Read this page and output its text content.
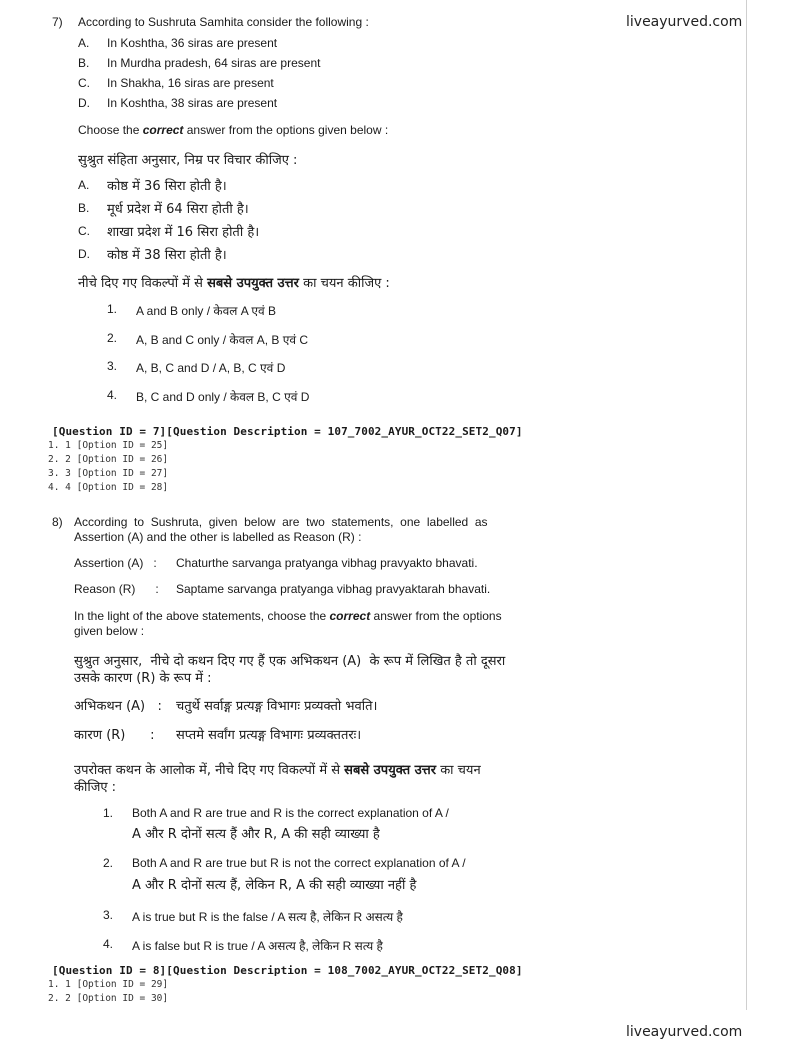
liveayurved.com
7) According to Sushruta Samhita consider the following :
A. In Koshtha, 36 siras are present
B. In Murdha pradesh, 64 siras are present
C. In Shakha, 16 siras are present
D. In Koshtha, 38 siras are present
Choose the correct answer from the options given below :
सुश्रुत संहिता अनुसार, निम्र पर विचार कीजिए :
A. कोष्ठ में 36 सिरा होती है।
B. मूर्ध प्रदेश में 64 सिरा होती है।
C. शाखा प्रदेश में 16 सिरा होती है।
D. कोष्ठ में 38 सिरा होती है।
नीचे दिए गए विकल्पों में से सबसे उपयुक्त उत्तर का चयन कीजिए :
1. A and B only / केवल A एवं B
2. A, B and C only / केवल A, B एवं C
3. A, B, C and D / A, B, C एवं D
4. B, C and D only / केवल B, C एवं D
[Question ID = 7][Question Description = 107_7002_AYUR_OCT22_SET2_Q07]
1. 1 [Option ID = 25]
2. 2 [Option ID = 26]
3. 3 [Option ID = 27]
4. 4 [Option ID = 28]
8) According  to  Sushruta,  given  below  are  two  statements,  one  labelled  as
Assertion (A) and the other is labelled as Reason (R) :
Assertion (A)   : Chaturthe sarvanga pratyanga vibhag pravyakto bhavati.
Reason (R)      : Saptame sarvanga pratyanga vibhag pravyaktarah bhavati.
In the light of the above statements, choose the correct answer from the options
given below :
सुश्रुत अनुसार,  नीचे दो कथन दिए गए हैं एक अभिकथन (A)  के रूप में लिखित है तो दूसरा
उसके कारण (R) के रूप में :
अभिकथन (A)   : चतुर्थे सर्वाङ्ग प्रत्यङ्ग विभागः प्रव्यक्तो भवति।
कारण (R)      : सप्तमे सर्वांग प्रत्यङ्ग विभागः प्रव्यक्ततरः।
उपरोक्त कथन के आलोक में, नीचे दिए गए विकल्पों में से सबसे उपयुक्त उत्तर का चयन
कीजिए :
1. Both A and R are true and R is the correct explanation of A /
A और R दोनों सत्य हैं और R, A की सही व्याख्या है
2. Both A and R are true but R is not the correct explanation of A /
A और R दोनों सत्य हैं, लेकिन R, A की सही व्याख्या नहीं है
3. A is true but R is the false / A सत्य है, लेकिन R असत्य है
4. A is false but R is true / A असत्य है, लेकिन R सत्य है
[Question ID = 8][Question Description = 108_7002_AYUR_OCT22_SET2_Q08]
1. 1 [Option ID = 29]
2. 2 [Option ID = 30]
liveayurved.com
